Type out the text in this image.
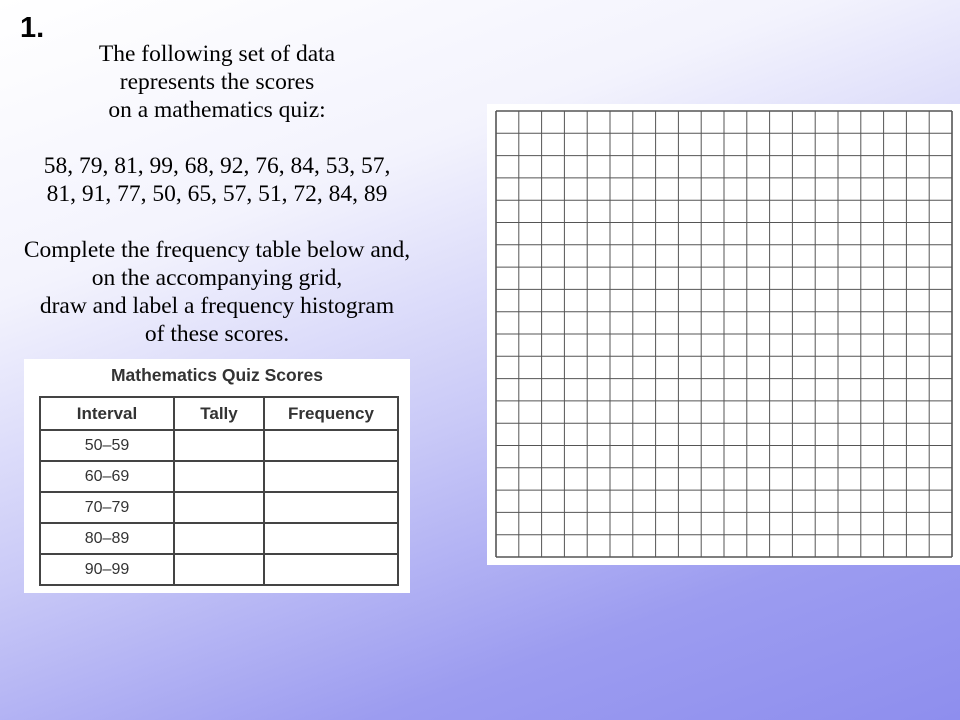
1.

The following set of data

represents the scores

on a mathematics quiz:

58, 79, 81, 99, 68, 92, 76, 84, 53, 57,

81, 91, 77, 50, 65, 57, 51, 72, 84, 89

Complete the frequency table below and,

on the accompanying grid,

draw and label a frequency histogram

of these scores.

Mathematics Quiz Scores
Interval	Tally	Frequency
50–59		
60–69		
70–79		
80–89		
90–99		
